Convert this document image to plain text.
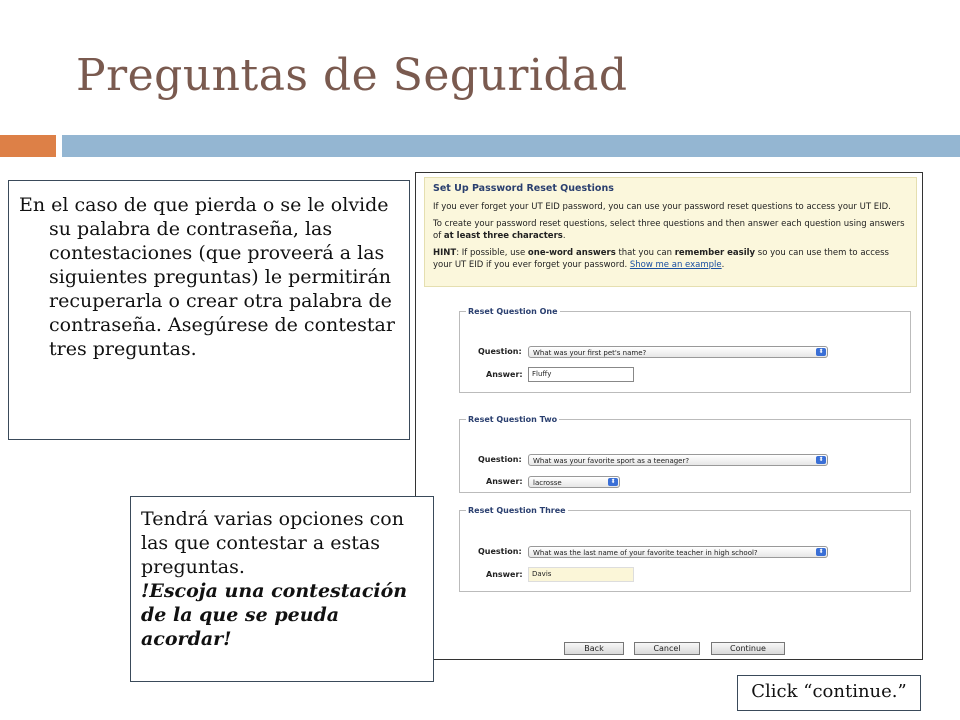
Preguntas de Seguridad
Set Up Password Reset Questions
If you ever forget your UT EID password, you can use your password reset questions to access your UT EID.
To create your password reset questions, select three questions and then answer each question using answers of at least three characters.
HINT: If possible, use one-word answers that you can remember easily so you can use them to access your UT EID if you ever forget your password. Show me an example.
Reset Question One
Question:	What was your first pet's name?	⬍
Answer:	Fluffy
Reset Question Two
Question:	What was your favorite sport as a teenager?	⬍
Answer:	lacrosse	⬍
Reset Question Three
Question:	What was the last name of your favorite teacher in high school?	⬍
Answer:	Davis
Back	Cancel	Continue

En el caso de que pierda o se le olvide su palabra de contraseña, las contestaciones (que proveerá a las siguientes preguntas) le permitirán recuperarla o crear otra palabra de contraseña. Asegúrese de contestar tres preguntas.

Tendrá varias opciones con las que contestar a estas preguntas.
!Escoja una contestación de la que se peuda acordar!

Click “continue.”
